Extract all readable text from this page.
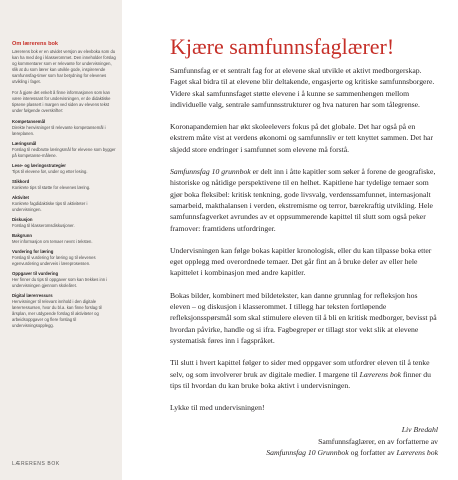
Om lærerens bok

Lærerens bok er en utvidet versjon av elevboka som du kan ha med deg i klasserommet. Den inneholder forslag og kommentarer som er relevante for undervisningen, slik at du som lærer kan utvikle gode, inspirerende samfunnsfag-timer som har betydning for elevenes utvikling i faget.

For å gjøre det enkelt å finne informasjonen som kan være interessant for undervisningen, er de didaktiske tipsene plassert i margen ved siden av elevens tekst under følgende overskrifter:

Kompetansemål
Direkte henvisninger til relevante kompetansemål i læreplanen.
Læringsmål
Forslag til nedbrutte læringsmål for elevene som bygger på kompetanse-målene.
Lese- og læringsstrategier
Tips til elevene før, under og etter lesing.
Stikkord
Konkrete tips til støtte for elevenes læring.
Aktivitet
Konkrete fagdidaktiske tips til aktiviteter i undervisningen.
Diskusjon
Forslag til klasseromsdiskusjoner.
Bakgrunn
Mer informasjon om temaer nevnt i teksten.
Vurdering for læring
Forslag til vurdering for læring og til elevenes egenvurdering underveis i læreprosessen.
Oppgaver til vurdering
Her finner du tips til oppgaver som kan trekkes inn i undervisningen gjennom skoleåret.
Digital lærerressurs
Henvisninger til relevant innhold i den digitale lærerressursen, hvor du bl.a. kan finne forslag til årsplan, mer utdypende forslag til aktiviteter og arbeidsoppgaver og flere forslag til undervisningsopplegg.
LÆRERENS BOK
Kjære samfunnsfaglærer!

Samfunnsfag er et sentralt fag for at elevene skal utvikle et aktivt medborgerskap. Faget skal bidra til at elevene blir deltakende, engasjerte og kritiske samfunnsborgere. Videre skal samfunnsfaget støtte elevene i å kunne se sammenhengen mellom individuelle valg, sentrale samfunnsstrukturer og hva naturen har som tålegrense.

Koronapandemien har økt skoleelevers fokus på det globale. Det har også på en ekstrem måte vist at verdens økonomi og samfunnsliv er tett knyttet sammen. Det har skjedd store endringer i samfunnet som elevene må forstå.

Samfunnsfag 10 grunnbok er delt inn i åtte kapitler som søker å forene de geografiske, historiske og nåtidige perspektivene til en helhet. Kapitlene har tydelige temaer som gjør boka fleksibel: kritisk tenkning, gode livsvalg, verdenssamfunnet, internasjonalt samarbeid, makthalansen i verden, ekstremisme og terror, bærekraftig utvikling. Hele samfunnsfagverket avrundes av et oppsummerende kapittel til slutt som også peker framover: framtidens utfordringer.

Undervisningen kan følge bokas kapitler kronologisk, eller du kan tilpasse boka etter eget opplegg med overordnede temaer. Det går fint an å bruke deler av eller hele kapittelet i kombinasjon med andre kapitler.

Bokas bilder, kombinert med bildetekster, kan danne grunnlag for refleksjon hos eleven – og diskusjon i klasserommet. I tillegg har teksten fortløpende refleksjonsspørsmål som skal stimulere eleven til å bli en kritisk medborger, bevisst på hvordan påvirke, handle og si ifra. Fagbegreper er tillagt stor vekt slik at elevene systematisk føres inn i fagspråket.

Til slutt i hvert kapittel følger to sider med oppgaver som utfordrer eleven til å tenke selv, og som involverer bruk av digitale medier. I margene til Lærerens bok finner du tips til hvordan du kan bruke boka aktivt i undervisningen.

Lykke til med undervisningen!

Liv Bredahl
Samfunnsfaglærer, en av forfatterne av
Samfunnsfag 10 Grunnbok og forfatter av Lærerens bok
